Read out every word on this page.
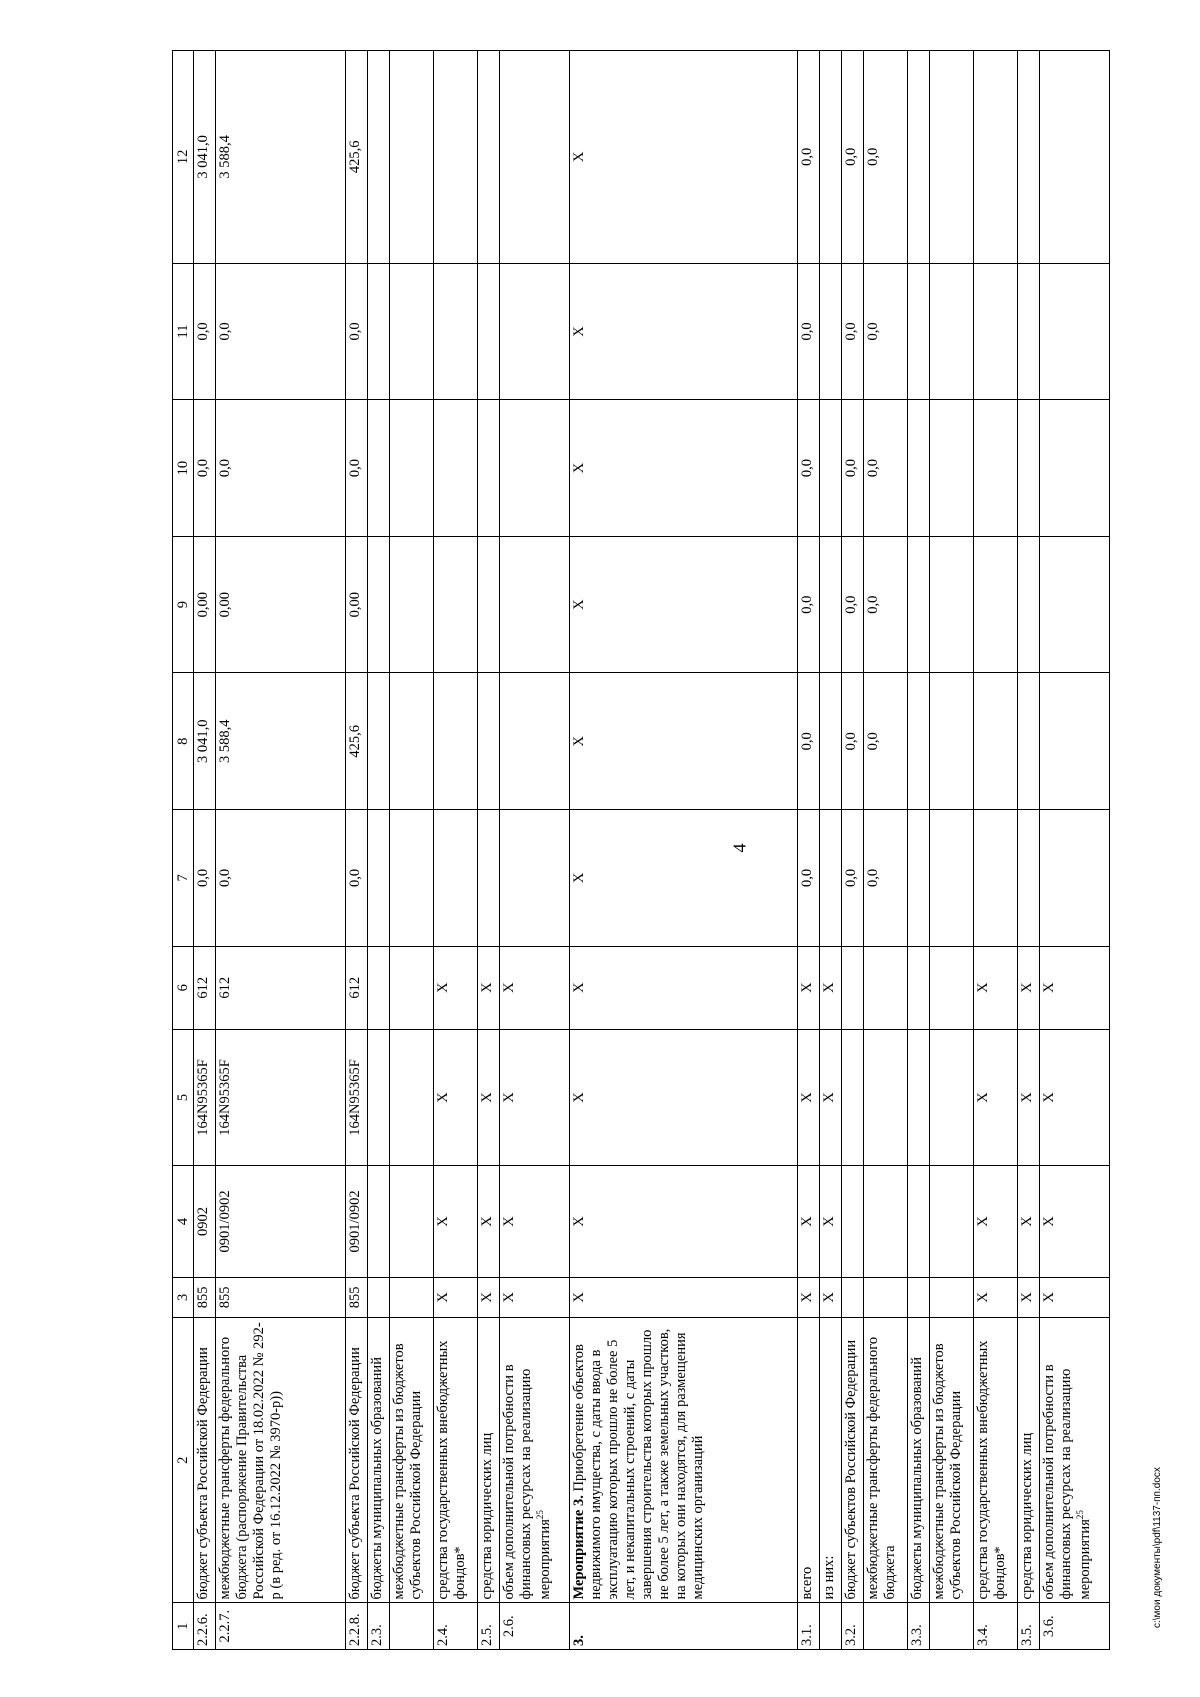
4
1	2	3	4	5	6	7	8	9	10	11	12
2.2.6.	бюджет субъекта Российской Федерации	855	0902	164N95365F	612	0,0	3 041,0	0,00	0,0	0,0	3 041,0
2.2.7.	межбюджетные трансферты федерального бюджета (распоряжение Правительства Российской Федерации от 18.02.2022 № 292-р (в ред. от 16.12.2022 № 3970-р))	855	0901/0902	164N95365F	612	0,0	3 588,4	0,00	0,0	0,0	3 588,4
2.2.8.	бюджет субъекта Российской Федерации	855	0901/0902	164N95365F	612	0,0	425,6	0,00	0,0	0,0	425,6
2.3.	бюджеты муниципальных образований										
	межбюджетные трансферты из бюджетов субъектов Российской Федерации										
2.4.	средства государственных внебюджетных фондов*	X	X	X	X						
2.5.	средства юридических лиц	X	X	X	X						
2.6.	объем дополнительной потребности в финансовых ресурсах на реализацию мероприятия$^{25}$	X	X	X	X						
3.	Мероприятие 3. Приобретение объектов недвижимого имущества, с даты ввода в эксплуатацию которых прошло не более 5 лет, и некапитальных строений, с даты завершения строительства которых прошло не более 5 лет, а также земельных участков, на которых они находятся, для размещения медицинских организаций	X	X	X	X	X	X	X	X	X	X
3.1.	всего	X	X	X	X	0,0	0,0	0,0	0,0	0,0	0,0
	из них:	X	X	X	X						
3.2.	бюджет субъектов Российской Федерации					0,0	0,0	0,0	0,0	0,0	0,0
	межбюджетные трансферты федерального бюджета					0,0	0,0	0,0	0,0	0,0	0,0
3.3.	бюджеты муниципальных образований										
	межбюджетные трансферты из бюджетов субъектов Российской Федерации										
3.4.	средства государственных внебюджетных фондов*	X	X	X	X						
3.5.	средства юридических лиц	X	X	X	X						
3.6.	объем дополнительной потребности в финансовых ресурсах на реализацию мероприятия$^{25}$	X	X	X	X						
c:\мои документы\pdf\1137-пп.docx
